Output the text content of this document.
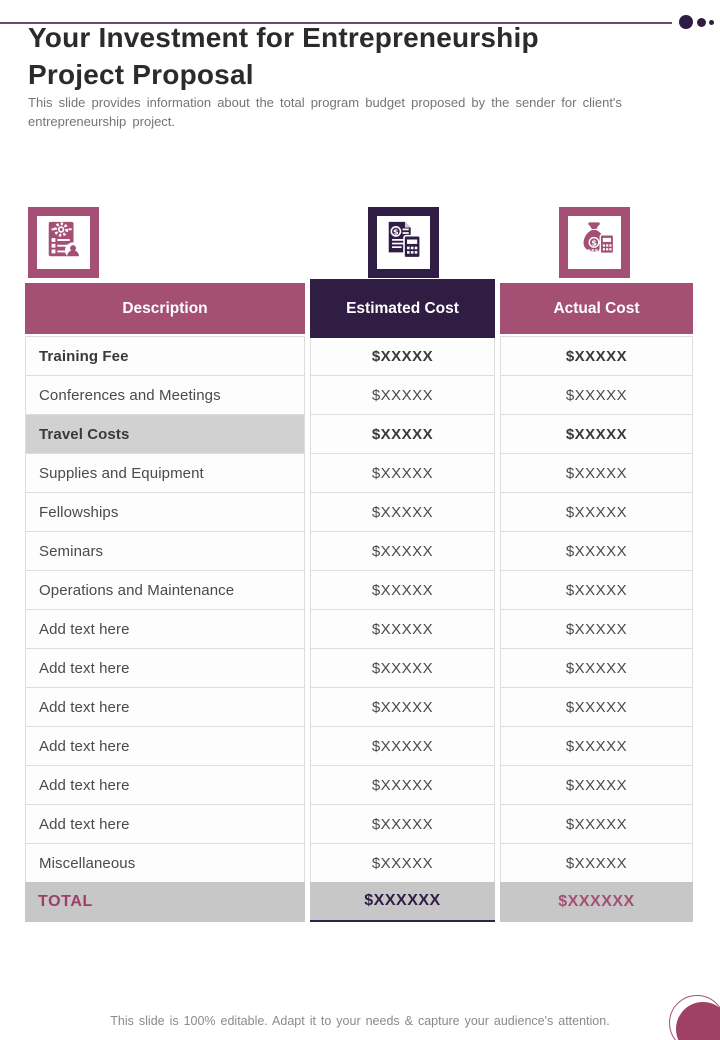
Your Investment for Entrepreneurship Project Proposal

This slide provides information about the total program budget proposed by the sender for client's entrepreneurship project.

$
$
Description	Estimated Cost	Actual Cost
Training Fee	$XXXXX	$XXXXX
Conferences and Meetings	$XXXXX	$XXXXX
Travel Costs	$XXXXX	$XXXXX
Supplies and Equipment	$XXXXX	$XXXXX
Fellowships	$XXXXX	$XXXXX
Seminars	$XXXXX	$XXXXX
Operations and Maintenance	$XXXXX	$XXXXX
Add text here	$XXXXX	$XXXXX
Add text here	$XXXXX	$XXXXX
Add text here	$XXXXX	$XXXXX
Add text here	$XXXXX	$XXXXX
Add text here	$XXXXX	$XXXXX
Add text here	$XXXXX	$XXXXX
Miscellaneous	$XXXXX	$XXXXX
TOTAL	$XXXXXX	$XXXXXX

This slide is 100% editable. Adapt it to your needs & capture your audience's attention.
